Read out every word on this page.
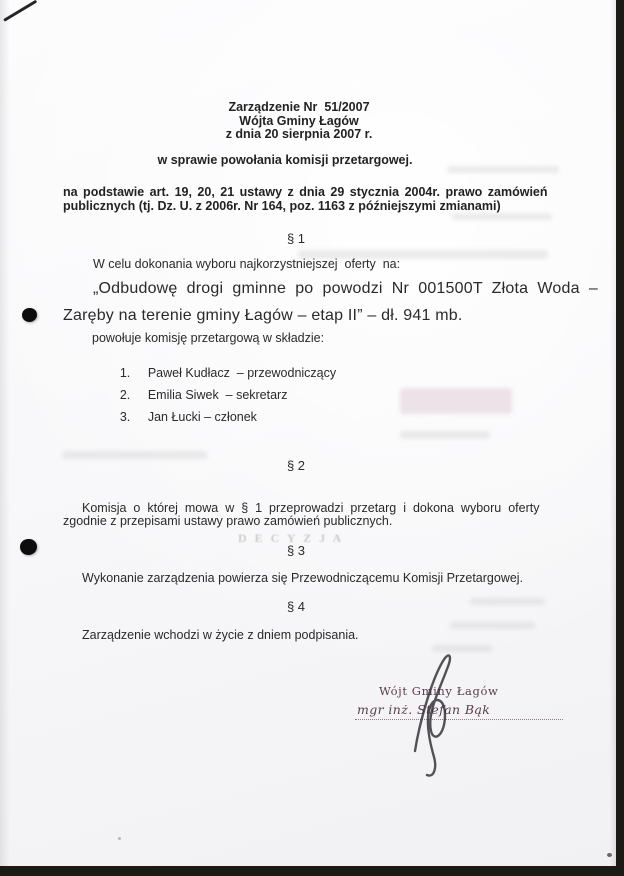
D E C Y Z J A
Zarządzenie Nr  51/2007
Wójta Gminy Łagów
z dnia 20 sierpnia 2007 r.
w sprawie powołania komisji przetargowej.
na podstawie art. 19, 20, 21 ustawy z dnia 29 stycznia 2004r. prawo zamówień
publicznych (tj. Dz. U. z 2006r. Nr 164, poz. 1163 z późniejszymi zmianami)
§ 1
W celu dokonania wyboru najkorzystniejszej  oferty  na:
„Odbudowę drogi gminne po powodzi Nr 001500T Złota Woda –
Zaręby na terenie gminy Łagów – etap II” – dł. 941 mb.
powołuje komisję przetargową w składzie:

1. Paweł Kudłacz  – przewodniczący

2. Emilia Siwek  – sekretarz

3. Jan Łucki – członek

§ 2
Komisja o której mowa w § 1 przeprowadzi przetarg i dokona wyboru oferty
zgodnie z przepisami ustawy prawo zamówień publicznych.
§ 3
Wykonanie zarządzenia powierza się Przewodniczącemu Komisji Przetargowej.
§ 4
Zarządzenie wchodzi w życie z dniem podpisania.
Wójt Gminy Łagów
mgr inż. Stefan Bąk
